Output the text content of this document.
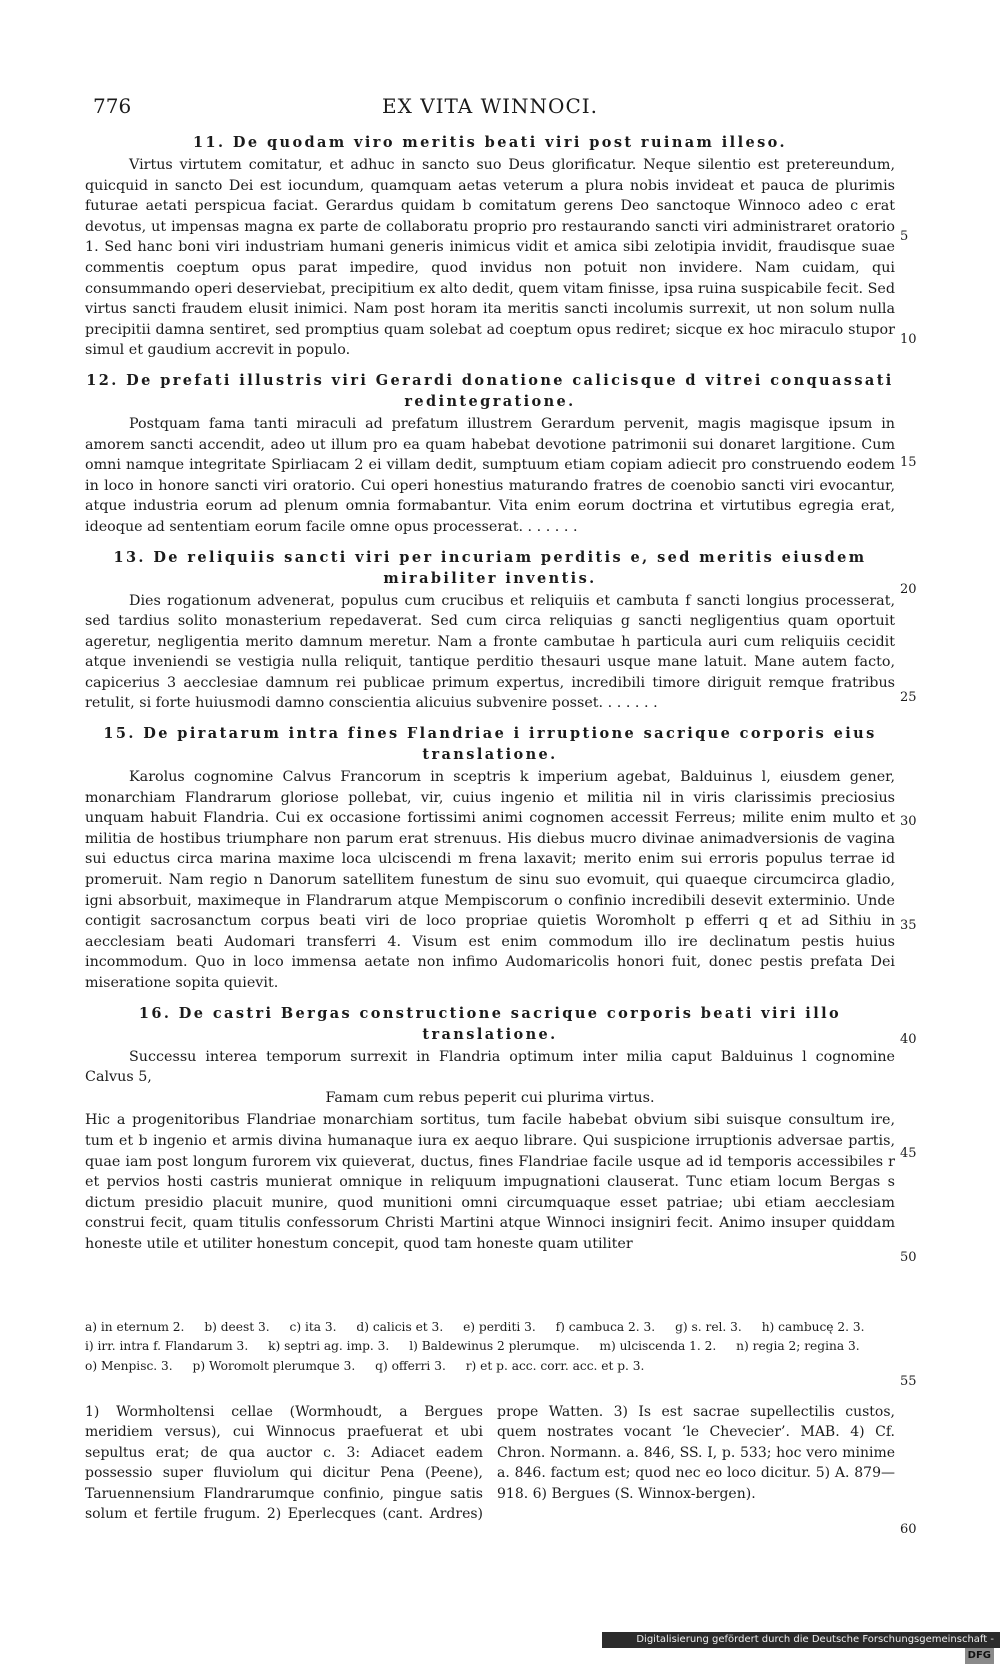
776	EX VITA WINNOCI.
11. De quodam viro meritis beati viri post ruinam illeso.

Virtus virtutem comitatur, et adhuc in sancto suo Deus glorificatur. Neque silentio est pretereundum, quicquid in sancto Dei est iocundum, quamquam aetas veterum a plura nobis invideat et pauca de plurimis futurae aetati perspicua faciat. Gerardus quidam b comitatum gerens Deo sanctoque Winnoco adeo c erat devotus, ut impensas magna ex parte de collaboratu proprio pro restaurando sancti viri administraret oratorio 1. Sed hanc boni viri industriam humani generis inimicus vidit et amica sibi zelotipia invidit, fraudisque suae commentis coeptum opus parat impedire, quod invidus non potuit non invidere. Nam cuidam, qui consummando operi deserviebat, precipitium ex alto dedit, quem vitam finisse, ipsa ruina suspicabile fecit. Sed virtus sancti fraudem elusit inimici. Nam post horam ita meritis sancti incolumis surrexit, ut non solum nulla precipitii damna sentiret, sed promptius quam solebat ad coeptum opus rediret; sicque ex hoc miraculo stupor simul et gaudium accrevit in populo.

12. De prefati illustris viri Gerardi donatione calicisque d vitrei conquassati redintegratione.

Postquam fama tanti miraculi ad prefatum illustrem Gerardum pervenit, magis magisque ipsum in amorem sancti accendit, adeo ut illum pro ea quam habebat devotione patrimonii sui donaret largitione. Cum omni namque integritate Spirliacam 2 ei villam dedit, sumptuum etiam copiam adiecit pro construendo eodem in loco in honore sancti viri oratorio. Cui operi honestius maturando fratres de coenobio sancti viri evocantur, atque industria eorum ad plenum omnia formabantur. Vita enim eorum doctrina et virtutibus egregia erat, ideoque ad sententiam eorum facile omne opus processerat. . . . . . .

13. De reliquiis sancti viri per incuriam perditis e, sed meritis eiusdem mirabiliter inventis.

Dies rogationum advenerat, populus cum crucibus et reliquiis et cambuta f sancti longius processerat, sed tardius solito monasterium repedaverat. Sed cum circa reliquias g sancti negligentius quam oportuit ageretur, negligentia merito damnum meretur. Nam a fronte cambutae h particula auri cum reliquiis cecidit atque inveniendi se vestigia nulla reliquit, tantique perditio thesauri usque mane latuit. Mane autem facto, capicerius 3 aecclesiae damnum rei publicae primum expertus, incredibili timore diriguit remque fratribus retulit, si forte huiusmodi damno conscientia alicuius subvenire posset. . . . . . .

15. De piratarum intra fines Flandriae i irruptione sacrique corporis eius translatione.

Karolus cognomine Calvus Francorum in sceptris k imperium agebat, Balduinus l, eiusdem gener, monarchiam Flandrarum gloriose pollebat, vir, cuius ingenio et militia nil in viris clarissimis preciosius unquam habuit Flandria. Cui ex occasione fortissimi animi cognomen accessit Ferreus; milite enim multo et militia de hostibus triumphare non parum erat strenuus. His diebus mucro divinae animadversionis de vagina sui eductus circa marina maxime loca ulciscendi m frena laxavit; merito enim sui erroris populus terrae id promeruit. Nam regio n Danorum satellitem funestum de sinu suo evomuit, qui quaeque circumcirca gladio, igni absorbuit, maximeque in Flandrarum atque Mempiscorum o confinio incredibili desevit exterminio. Unde contigit sacrosanctum corpus beati viri de loco propriae quietis Woromholt p efferri q et ad Sithiu in aecclesiam beati Audomari transferri 4. Visum est enim commodum illo ire declinatum pestis huius incommodum. Quo in loco immensa aetate non infimo Audomaricolis honori fuit, donec pestis prefata Dei miseratione sopita quievit.

16. De castri Bergas constructione sacrique corporis beati viri illo translatione.

Successu interea temporum surrexit in Flandria optimum inter milia caput Balduinus l cognomine Calvus 5,

Famam cum rebus peperit cui plurima virtus.

Hic a progenitoribus Flandriae monarchiam sortitus, tum facile habebat obvium sibi suisque consultum ire, tum et b ingenio et armis divina humanaque iura ex aequo librare. Qui suspicione irruptionis adversae partis, quae iam post longum furorem vix quieverat, ductus, fines Flandriae facile usque ad id temporis accessibiles r et pervios hosti castris munierat omnique in reliquum impugnationi clauserat. Tunc etiam locum Bergas s dictum presidio placuit munire, quod munitioni omni circumquaque esset patriae; ubi etiam aecclesiam construi fecit, quam titulis confessorum Christi Martini atque Winnoci insigniri fecit. Animo insuper quiddam honeste utile et utiliter honestum concepit, quod tam honeste quam utiliter

5
10
15
20
25
30
35
40
45
50
55
60
a) in eternum 2. b) deest 3. c) ita 3. d) calicis et 3. e) perditi 3. f) cambuca 2. 3. g) s. rel. 3. h) cambucę 2. 3. i) irr. intra f. Flandarum 3. k) septri ag. imp. 3. l) Baldewinus 2 plerumque. m) ulciscenda 1. 2. n) regia 2; regina 3. o) Menpisc. 3. p) Woromolt plerumque 3. q) offerri 3. r) et p. acc. corr. acc. et p. 3.
1) Wormholtensi cellae (Wormhoudt, a Bergues meridiem versus), cui Winnocus praefuerat et ubi sepultus erat; de qua auctor c. 3: Adiacet eadem possessio super fluviolum qui dicitur Pena (Peene), Taruennensium Flandrarumque confinio, pingue satis solum et fertile frugum. 2) Eperlecques (cant. Ardres) prope Watten. 3) Is est sacrae supellectilis custos, quem nostrates vocant ‘le Chevecier’. MAB. 4) Cf. Chron. Normann. a. 846, SS. I, p. 533; hoc vero minime a. 846. factum est; quod nec eo loco dicitur. 5) A. 879—918. 6) Bergues (S. Winnox-bergen).
Digitalisierung gefördert durch die Deutsche Forschungsgemeinschaft - DFG
